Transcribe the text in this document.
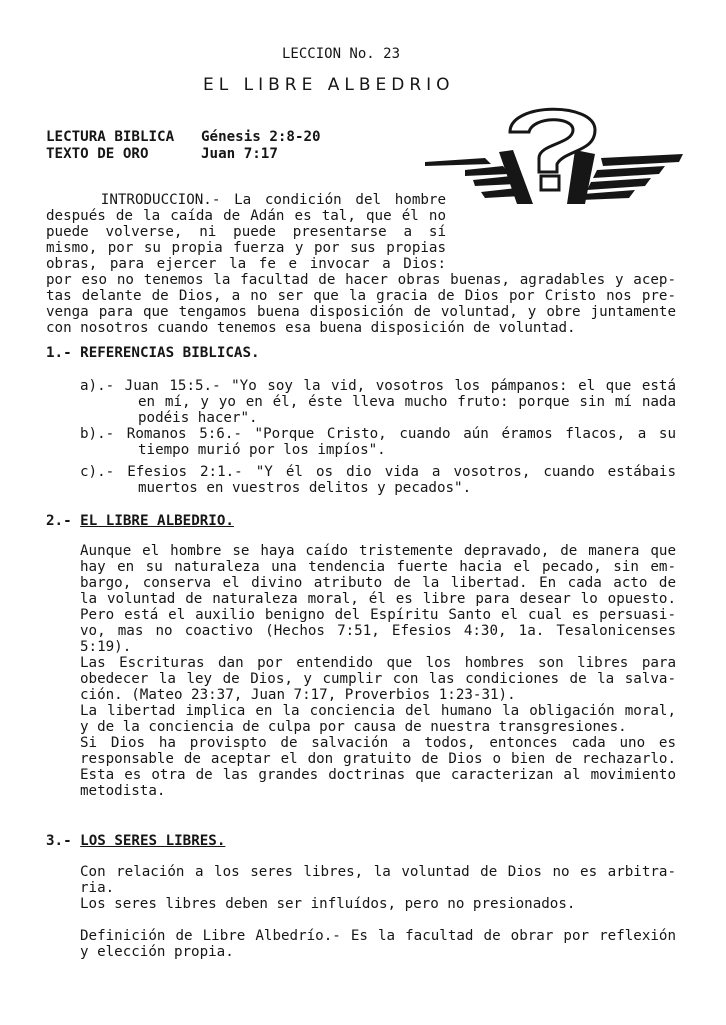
LECCION No. 23
EL LIBRE ALBEDRIO
LECTURA BIBLICA Génesis 2:8-20
TEXTO DE ORO	Juan 7:17
INTRODUCCION.- La condición del hombre
después de la caída de Adán es tal, que él no
puede volverse, ni puede presentarse a sí
mismo, por su propia fuerza y por sus propias
obras, para ejercer la fe e invocar a Dios:
por eso no tenemos la facultad de hacer obras buenas, agradables y acep-
tas delante de Dios, a no ser que la gracia de Dios por Cristo nos pre-
venga para que tengamos buena disposición de voluntad, y obre juntamente
con nosotros cuando tenemos esa buena disposición de voluntad.
1.- REFERENCIAS BIBLICAS.
a).- Juan 15:5.- "Yo soy la vid, vosotros los pámpanos: el que está
en mí, y yo en él, éste lleva mucho fruto: porque sin mí nada
podéis hacer".
b).- Romanos 5:6.- "Porque Cristo, cuando aún éramos flacos, a su
tiempo murió por los impíos".
c).- Efesios 2:1.- "Y él os dio vida a vosotros, cuando estábais
muertos en vuestros delitos y pecados".
2.- EL LIBRE ALBEDRIO.
Aunque el hombre se haya caído tristemente depravado, de manera que
hay en su naturaleza una tendencia fuerte hacia el pecado, sin em-
bargo, conserva el divino atributo de la libertad. En cada acto de
la voluntad de naturaleza moral, él es libre para desear lo opuesto.
Pero está el auxilio benigno del Espíritu Santo el cual es persuasi-
vo, mas no coactivo (Hechos 7:51, Efesios 4:30, 1a. Tesalonicenses
5:19).
Las Escrituras dan por entendido que los hombres son libres para
obedecer la ley de Dios, y cumplir con las condiciones de la salva-
ción. (Mateo 23:37, Juan 7:17, Proverbios 1:23-31).
La libertad implica en la conciencia del humano la obligación moral,
y de la conciencia de culpa por causa de nuestra transgresiones.
Si Dios ha provispto de salvación a todos, entonces cada uno es
responsable de aceptar el don gratuito de Dios o bien de rechazarlo.
Esta es otra de las grandes doctrinas que caracterizan al movimiento
metodista.
3.- LOS SERES LIBRES.
Con relación a los seres libres, la voluntad de Dios no es arbitra-
ria.
Los seres libres deben ser influídos, pero no presionados.
Definición de Libre Albedrío.- Es la facultad de obrar por reflexión
y elección propia.
